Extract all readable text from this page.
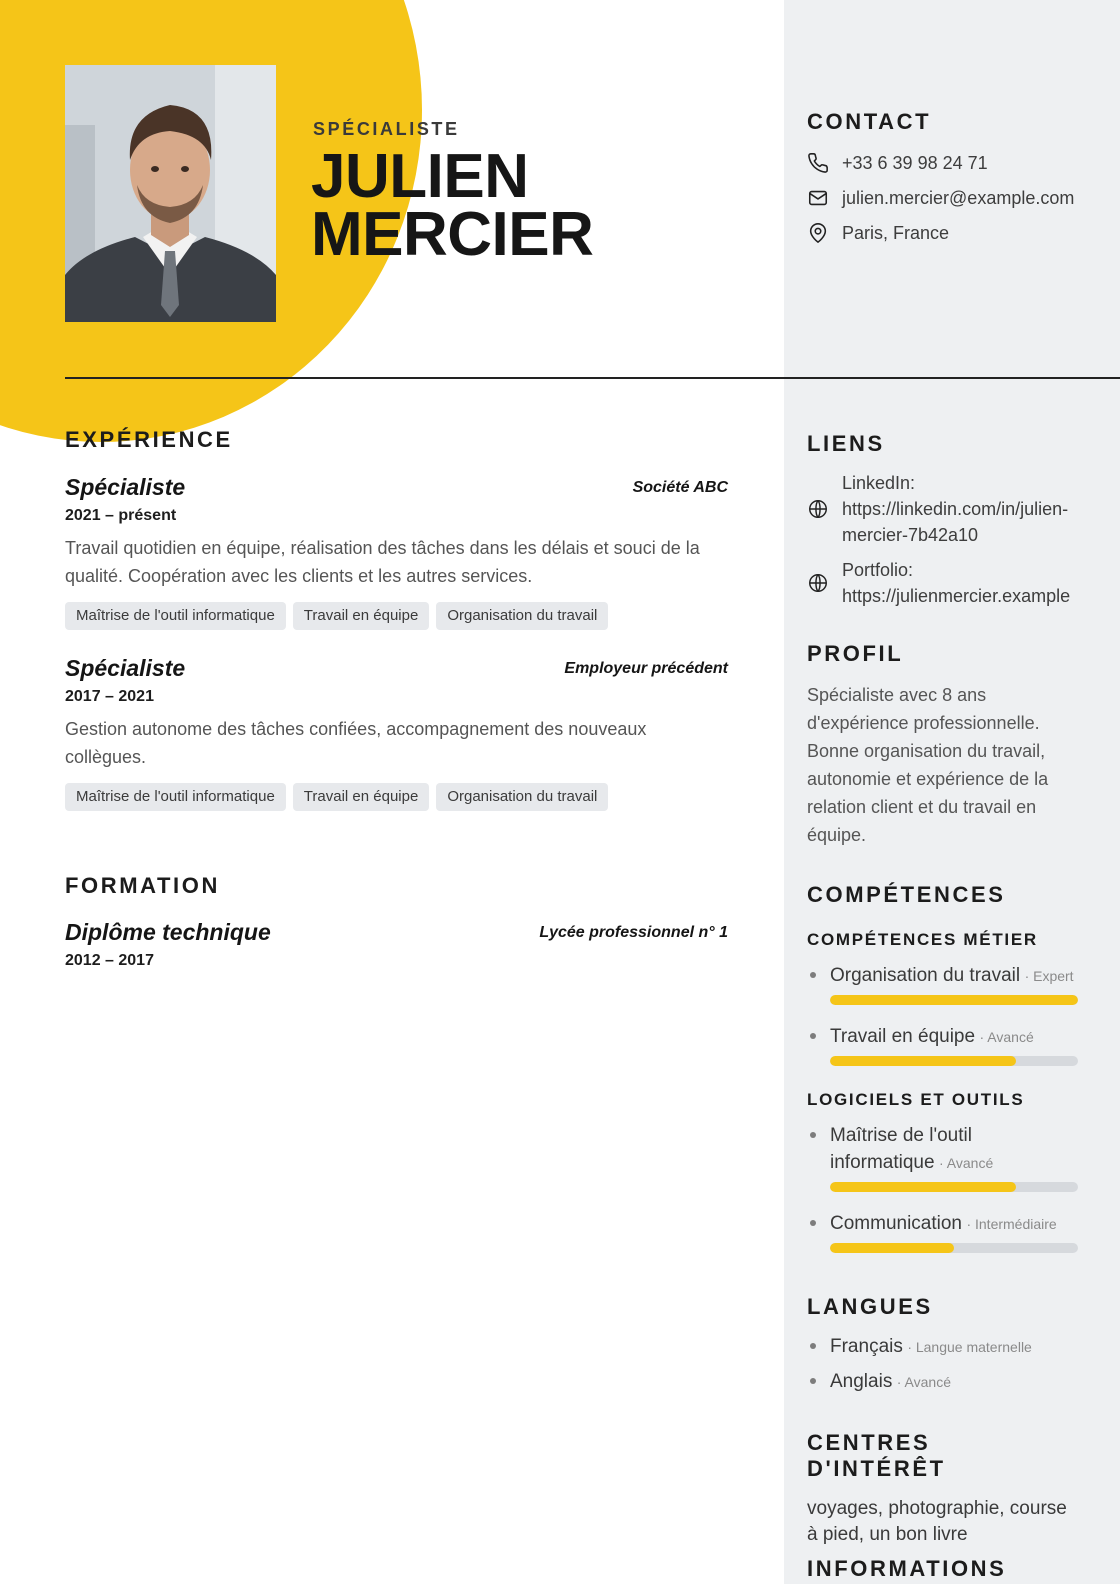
SPÉCIALISTE
JULIEN
MERCIER
EXPÉRIENCE
Spécialiste	Société ABC
2021 – présent
Travail quotidien en équipe, réalisation des tâches dans les délais et souci de la qualité. Coopération avec les clients et les autres services.
Maîtrise de l'outil informatique	Travail en équipe	Organisation du travail
Spécialiste	Employeur précédent
2017 – 2021
Gestion autonome des tâches confiées, accompagnement des nouveaux collègues.
Maîtrise de l'outil informatique	Travail en équipe	Organisation du travail
FORMATION
Diplôme technique	Lycée professionnel n° 1
2012 – 2017
CONTACT
+33 6 39 98 24 71
julien.mercier@example.com
Paris, France
LIENS
LinkedIn:
https://linkedin.com/in/julien-
mercier-7b42a10
Portfolio:
https://julienmercier.example
PROFIL
Spécialiste avec 8 ans d'expérience professionnelle. Bonne organisation du travail, autonomie et expérience de la relation client et du travail en équipe.
COMPÉTENCES
COMPÉTENCES MÉTIER
Organisation du travail · Expert
Travail en équipe · Avancé
LOGICIELS ET OUTILS
Maîtrise de l'outil informatique · Avancé
Communication · Intermédiaire
LANGUES
Français · Langue maternelle
Anglais · Avancé
CENTRES D'INTÉRÊT
voyages, photographie, course à pied, un bon livre
INFORMATIONS
